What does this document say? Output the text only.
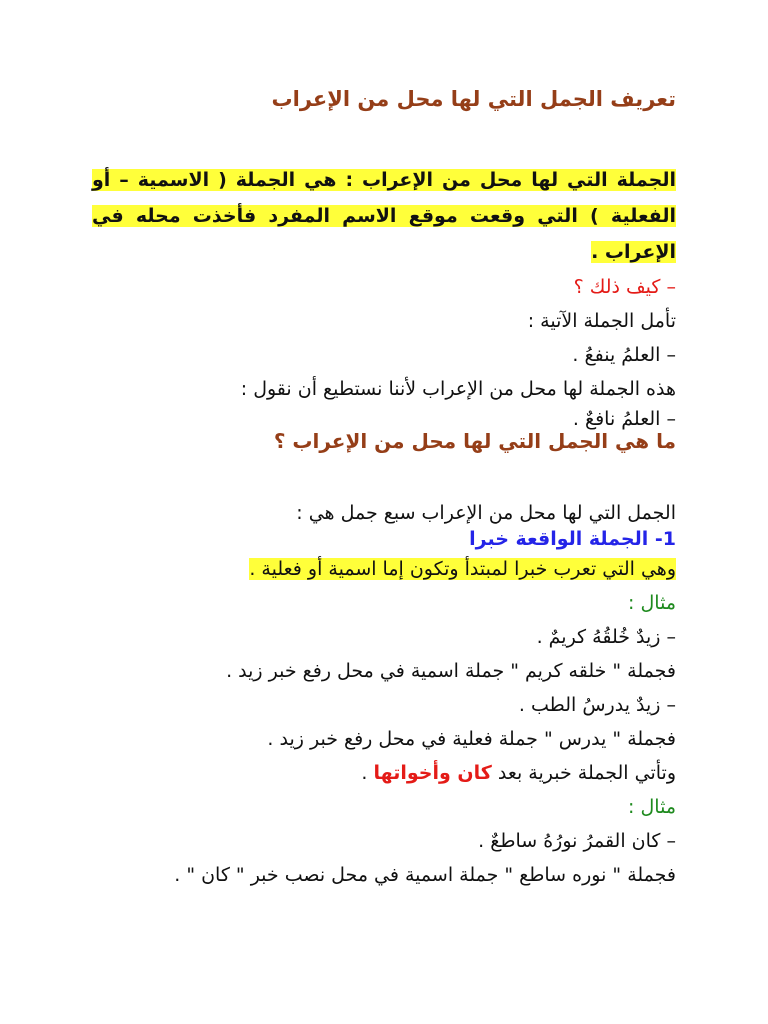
تعريف الجمل التي لها محل من الإعراب
الجملة التي لها محل من الإعراب : هي الجملة ( الاسمية – أو الفعلية ) التي وقعت موقع الاسم المفرد فأخذت محله في الإعراب .
– كيف ذلك ؟
تأمل الجملة الآتية :
– العلمُ ينفعُ .
هذه الجملة لها محل من الإعراب لأننا نستطيع أن نقول :
– العلمُ نافعٌ .
ما هي الجمل التي لها محل من الإعراب ؟
الجمل التي لها محل من الإعراب سبع جمل هي :
1- الجملة الواقعة خبرا
وهي التي تعرب خبرا لمبتدأ وتكون إما اسمية أو فعلية .
مثال :
– زيدٌ خُلقُهُ كريمٌ .
فجملة " خلقه كريم " جملة اسمية في محل رفع خبر زيد .
– زيدٌ يدرسُ الطب .
فجملة " يدرس " جملة فعلية في محل رفع خبر زيد .
وتأتي الجملة خبرية بعد كان وأخواتها .
مثال :
– كان القمرُ نورُهُ ساطعٌ .
فجملة " نوره ساطع " جملة اسمية في محل نصب خبر " كان " .
